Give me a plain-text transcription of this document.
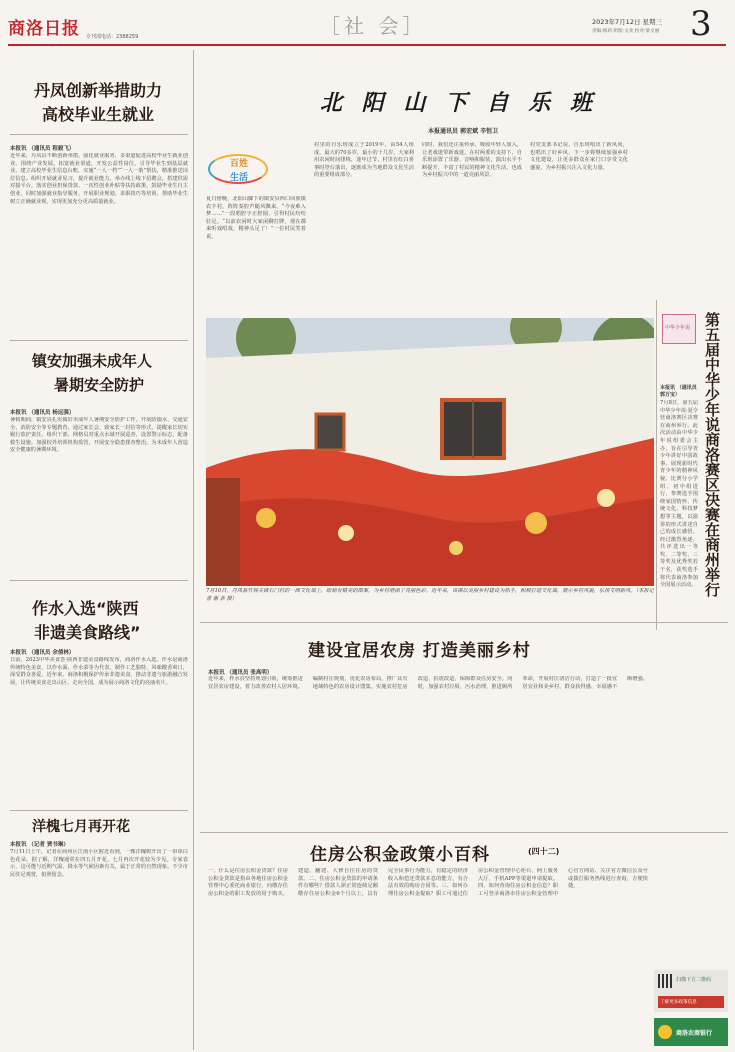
商洛日报 专刊部电话：2388259	［社 会］	2023年7月12日 星期三
责编:梅莉 组版:文欢 校对:梁文丽 3
丹凤创新举措助力
高校毕业生就业
本报讯 （通讯员 程毅飞）
近年来，丹凤县不断创新举措，强化就业服务，多渠道促进高校毕业生就业创业。围绕产业发展，拓宽就业渠道，开发公益性岗位，引导毕业生到基层就业。建立高校毕业生信息台账，实施“一人一档”“一人一策”帮扶，精准推送岗位信息。组织开展就业见习，提升就业能力。举办线上线下招聘会，搭建供需对接平台。落实创业担保贷款、一次性创业补贴等扶持政策，鼓励毕业生自主创业。同时加强就业指导服务，开展职业规划、求职技巧等培训，帮助毕业生树立正确就业观，实现更加充分更高质量就业。
镇安加强未成年人
暑期安全防护
本报讯 （通讯员 杨远强）
暑假期间，镇安县扎实做好未成年人暑期安全防护工作。开展防溺水、交通安全、消防安全等专题教育，通过家长会、致家长一封信等形式，提醒家长切实履行监护责任。组织干部、网格员对重点水域开展巡查，设置警示标志，配备救生设施。加强校外培训机构监管，开展安全隐患排查整治，为未成年人营造安全健康的暑期环境。
作水入选“陕西
非遗美食路线”
本报讯 （通讯员 余倩林）
日前，2023中华美食荟·陕西非遗美食路线发布，商洛作水入选。作水是商洛传统特色美食，以作水面、作水菜等为代表，制作工艺独特，风味酸香爽口，深受群众喜爱。近年来，商洛积极保护传承非遗美食，推动非遗与旅游融合发展，让传统美食走出山区、走向全国，成为展示商洛文化的亮丽名片。
洋槐七月再开花
本报讯 （记者 贾书琳）
7月11日上午，记者在商州区江南小区附近看到，一棵洋槐树开出了一串串白色花朵。据了解，洋槐通常在四五月开花，七月再次开花较为少见。专家表示，这可能与近期气温、降水等气候因素有关，属于正常的自然现象。不少市民驻足观赏，拍照留念。
北 阳 山 下 自 乐 班
本报通讯员 郭宏斌 辛恒卫
百姓
生活
夏日傍晚，北阳山脚下的镇安县西口回族镇农丰村，阵阵秦腔声随风飘来。“今夜难入梦……”一段唱腔字正腔圆，引得村民纷纷驻足。“以前农闲时大家闲聊打牌，现在都来听戏唱戏，精神头足了！”一位村民笑着说。
村里的自乐班成立于2019年，由54人组成，最大的70多岁，最小的十几岁。大家利用农闲时间排练，逢年过节、村里有红白喜事时登台演出，逐渐成为当地群众文化生活的重要组成部分。
同时，我们还注重传承，吸收年轻人加入，让老戏迷带新戏迷。在村两委的支持下，自乐班添置了乐器、音响和服装，演出水平不断提升，丰富了村民的精神文化生活，也成为乡村振兴中的一道亮丽风景。
村党支部书记说，自乐班唱出了新风尚，也唱出了好乡风。下一步将继续加强乡村文化建设，让更多群众在家门口享受文化盛宴，为乡村振兴注入文化力量。
7月10日，丹凤县竹林关镇石门村的一面文化墙上，绘制有精美的图案，为乡村增添了亮丽色彩。近年来，该镇以美丽乡村建设为抓手，积极打造文化墙，展示乡村风貌，弘扬文明新风。（本报记者 谢 菲 摄）
中华少年说 第五届中华少年说商洛赛区决赛在商州举行
本报讯 （通讯员 郭万宝）
7月8日，第五届中华少年说·夏令营商洛赛区决赛在商州举行。此次活动由中华少年说组委会主办，旨在引导青少年讲好中国故事，展现新时代青少年的精神风貌。比赛分小学组、初中组进行，参赛选手围绕家国情怀、传统文化、科技梦想等主题，以演讲的形式讲述自己的成长感悟。经过激烈角逐，共评选出一等奖、二等奖、三等奖及优秀奖若干名，获奖选手将代表商洛参加全国展示活动。
建设宜居农房 打造美丽乡村
本报讯 （通讯员 张高明）
近年来，柞水县坚持规划引领，统筹推进宜居农房建设，着力改善农村人居环境。编制村庄规划，优化农房布局，推广具有地域特色的农房设计图集。实施农村危房改造、抗震改造，保障群众住房安全。同时，加强农村垃圾、污水治理，推进厕所革命，开展村庄清洁行动，打造了一批宜居宜业和美乡村，群众获得感、幸福感不断增强。
住房公积金政策小百科	(四十二)
一、什么是住房公积金贷款？住房公积金贷款是指由各地住房公积金管理中心委托商业银行，向缴存住房公积金的职工发放的用于购买、建造、翻建、大修自住住房的贷款。二、住房公积金贷款的申请条件有哪些？借款人须正常连续足额缴存住房公积金6个月以上，具有完全民事行为能力，有稳定的经济收入和偿还贷款本息的能力，有合法有效的购房合同等。三、如何办理住房公积金提取？职工可通过住房公积金管理中心柜台、网上服务大厅、手机APP等渠道申请提取。四、如何查询住房公积金信息？职工可登录商洛市住房公积金管理中心官方网站、关注官方微信公众号或拨打服务热线进行查询，方便快捷。
扫描下方二维码
了解更多政策信息
商洛农商银行
